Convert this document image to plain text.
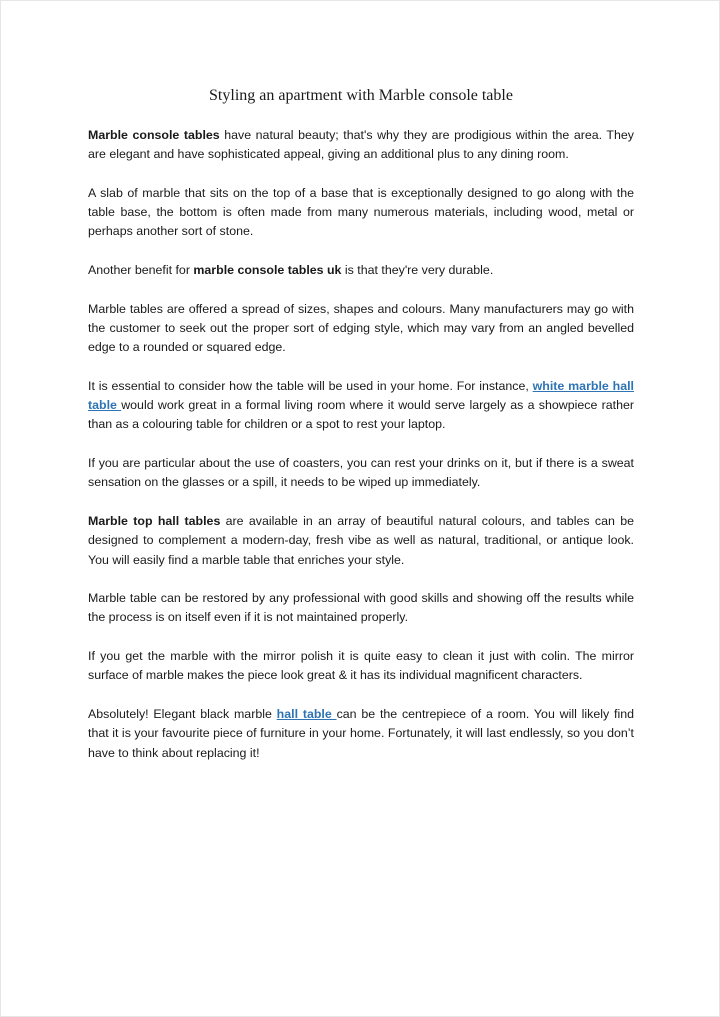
Styling an apartment with Marble console table

Marble console tables have natural beauty; that's why they are prodigious within the area. They are elegant and have sophisticated appeal, giving an additional plus to any dining room.

A slab of marble that sits on the top of a base that is exceptionally designed to go along with the table base, the bottom is often made from many numerous materials, including wood, metal or perhaps another sort of stone.

Another benefit for marble console tables uk is that they're very durable.

Marble tables are offered a spread of sizes, shapes and colours. Many manufacturers may go with the customer to seek out the proper sort of edging style, which may vary from an angled bevelled edge to a rounded or squared edge.

It is essential to consider how the table will be used in your home. For instance, white marble hall table would work great in a formal living room where it would serve largely as a showpiece rather than as a colouring table for children or a spot to rest your laptop.

If you are particular about the use of coasters, you can rest your drinks on it, but if there is a sweat sensation on the glasses or a spill, it needs to be wiped up immediately.

Marble top hall tables are available in an array of beautiful natural colours, and tables can be designed to complement a modern-day, fresh vibe as well as natural, traditional, or antique look. You will easily find a marble table that enriches your style.

Marble table can be restored by any professional with good skills and showing off the results while the process is on itself even if it is not maintained properly.

If you get the marble with the mirror polish it is quite easy to clean it just with colin. The mirror surface of marble makes the piece look great & it has its individual magnificent characters.

Absolutely! Elegant black marble hall table can be the centrepiece of a room. You will likely find that it is your favourite piece of furniture in your home. Fortunately, it will last endlessly, so you don’t have to think about replacing it!
